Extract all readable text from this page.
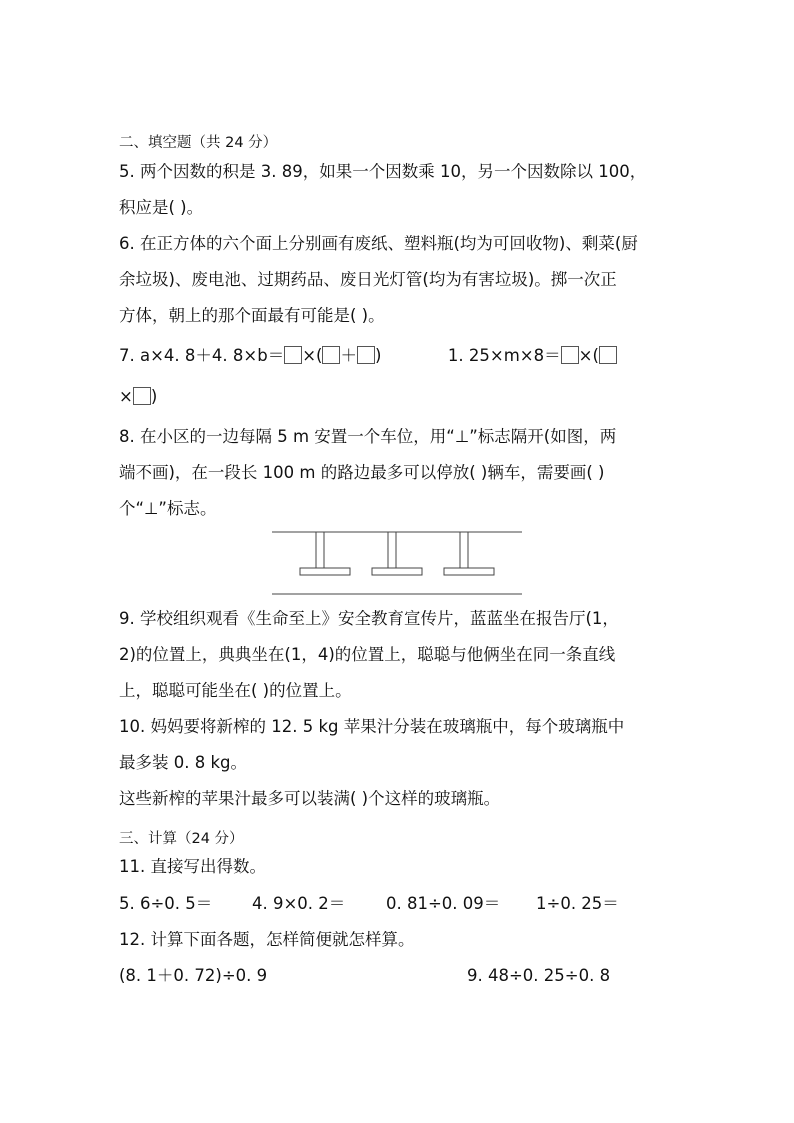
二、填空题（共 24 分）
5. 两个因数的积是 3. 89，如果一个因数乘 10，另一个因数除以 100，
积应是( )。
6. 在正方体的六个面上分别画有废纸、塑料瓶(均为可回收物)、剩菜(厨
余垃圾)、废电池、过期药品、废日光灯管(均为有害垃圾)。掷一次正
方体，朝上的那个面最有可能是( )。
7. a×4. 8＋4. 8×b＝ ×( ＋ )	1. 25×m×8＝ ×(
× )
8. 在小区的一边每隔 5 m 安置一个车位，用“⊥”标志隔开(如图，两
端不画)，在一段长 100 m 的路边最多可以停放( )辆车，需要画( )
个“⊥”标志。
9. 学校组织观看《生命至上》安全教育宣传片，蓝蓝坐在报告厅(1，
2)的位置上，典典坐在(1，4)的位置上，聪聪与他俩坐在同一条直线
上，聪聪可能坐在( )的位置上。
10. 妈妈要将新榨的 12. 5 kg 苹果汁分装在玻璃瓶中，每个玻璃瓶中
最多装 0. 8 kg。
这些新榨的苹果汁最多可以装满( )个这样的玻璃瓶。
三、计算（24 分）
11. 直接写出得数。
5. 6÷0. 5＝ 4. 9×0. 2＝ 0. 81÷0. 09＝ 1÷0. 25＝
12. 计算下面各题，怎样简便就怎样算。
(8. 1＋0. 72)÷0. 9	9. 48÷0. 25÷0. 8
